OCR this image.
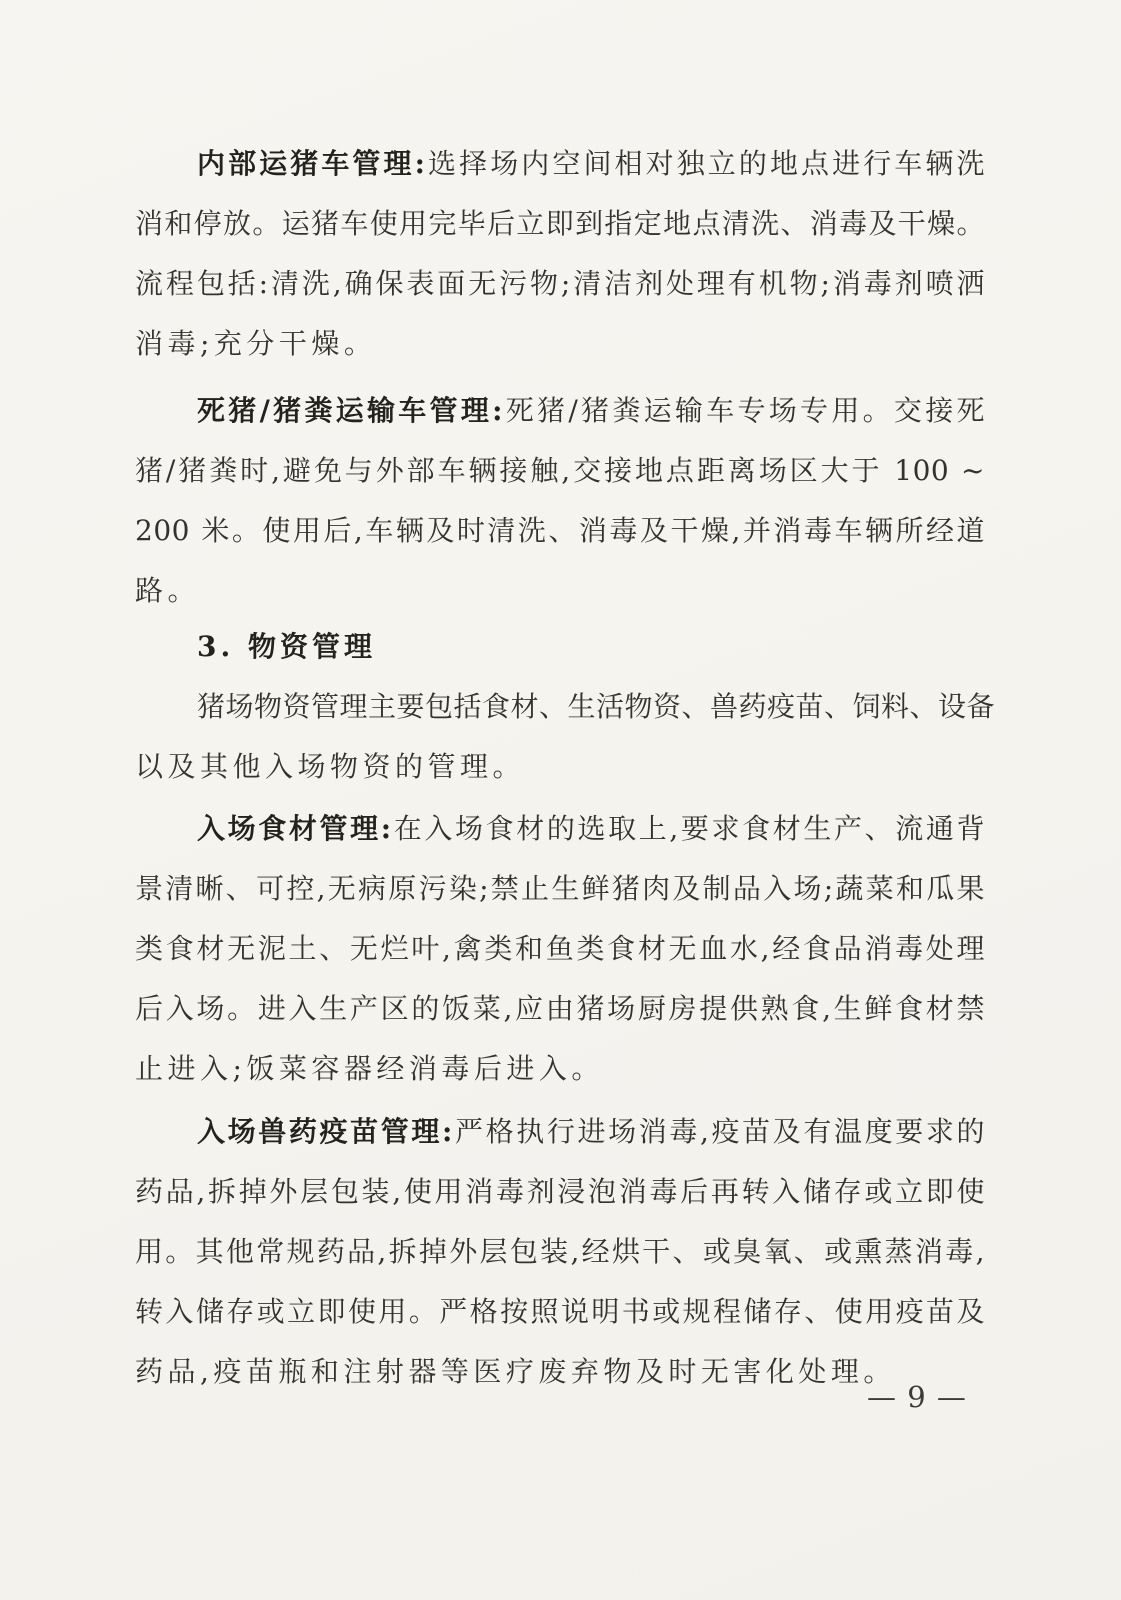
— 9 —
内部运猪车管理:选择场内空间相对独立的地点进行车辆洗
消和停放。运猪车使用完毕后立即到指定地点清洗、消毒及干燥。
流程包括:清洗,确保表面无污物;清洁剂处理有机物;消毒剂喷洒
消毒;充分干燥。
死猪/猪粪运输车管理:死猪/猪粪运输车专场专用。交接死
猪/猪粪时,避免与外部车辆接触,交接地点距离场区大于 100 ~
200 米。使用后,车辆及时清洗、消毒及干燥,并消毒车辆所经道
路。
3. 物资管理
猪场物资管理主要包括食材、生活物资、兽药疫苗、饲料、设备
以及其他入场物资的管理。
入场食材管理:在入场食材的选取上,要求食材生产、流通背
景清晰、可控,无病原污染;禁止生鲜猪肉及制品入场;蔬菜和瓜果
类食材无泥土、无烂叶,禽类和鱼类食材无血水,经食品消毒处理
后入场。进入生产区的饭菜,应由猪场厨房提供熟食,生鲜食材禁
止进入;饭菜容器经消毒后进入。
入场兽药疫苗管理:严格执行进场消毒,疫苗及有温度要求的
药品,拆掉外层包装,使用消毒剂浸泡消毒后再转入储存或立即使
用。其他常规药品,拆掉外层包装,经烘干、或臭氧、或熏蒸消毒,
转入储存或立即使用。严格按照说明书或规程储存、使用疫苗及
药品,疫苗瓶和注射器等医疗废弃物及时无害化处理。
